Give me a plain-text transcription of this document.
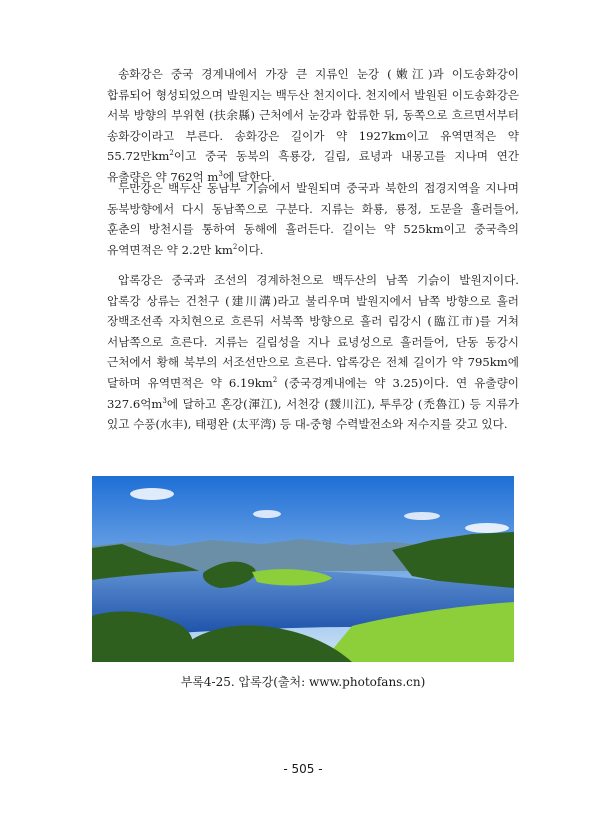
송화강은 중국 경계내에서 가장 큰 지류인 눈강 (嫩江)과 이도송화강이 합류되어 형성되었으며 발원지는 백두산 천지이다. 천지에서 발원된 이도송화강은 서북 방향의 부위현 (扶余縣) 근처에서 눈강과 합류한 뒤, 동쪽으로 흐르면서부터 송화강이라고 부른다. 송화강은 길이가 약 1927km이고 유역면적은 약 55.72만$km^2$이고 중국 동북의 흑룡강, 길림, 료녕과 내몽고를 지나며 연간 유출량은 약 762억 $m^3$에 달한다.

두만강은 백두산 동남부 기슭에서 발원되며 중국과 북한의 접경지역을 지나며 동북방향에서 다시 동남쪽으로 구분다. 지류는 화룡, 룡정, 도문을 흘러들어, 훈춘의 방천시를 통하여 동해에 흘러든다. 길이는 약 525km이고 중국측의 유역면적은 약 2.2만 $km^2$이다.

압록강은 중국과 조선의 경계하천으로 백두산의 남쪽 기슭이 발원지이다. 압록강 상류는 건천구 (建川溝)라고 불리우며 발원지에서 남쪽 방향으로 흘러 장백조선족 자치현으로 흐른뒤 서북쪽 방향으로 흘러 림강시 (臨江市)를 거쳐 서남쪽으로 흐른다. 지류는 길림성을 지나 료녕성으로 흘러들어, 단동 동강시 근처에서 황해 북부의 서조선만으로 흐른다. 압록강은 전체 길이가 약 795km에 달하며 유역면적은 약 $6.19km^2$ (중국경계내에는 약 3.25)이다. 연 유출량이 327.6억$m^3$에 달하고 혼강(渾江), 서천강 (靉川江), 투루강 (禿魯江) 등 지류가 있고 수풍(水丰), 태평완 (太平湾) 등 대-중형 수력발전소와 저수지를 갖고 있다.

부록4-25. 압록강(출처: www.photofans.cn)
- 505 -
